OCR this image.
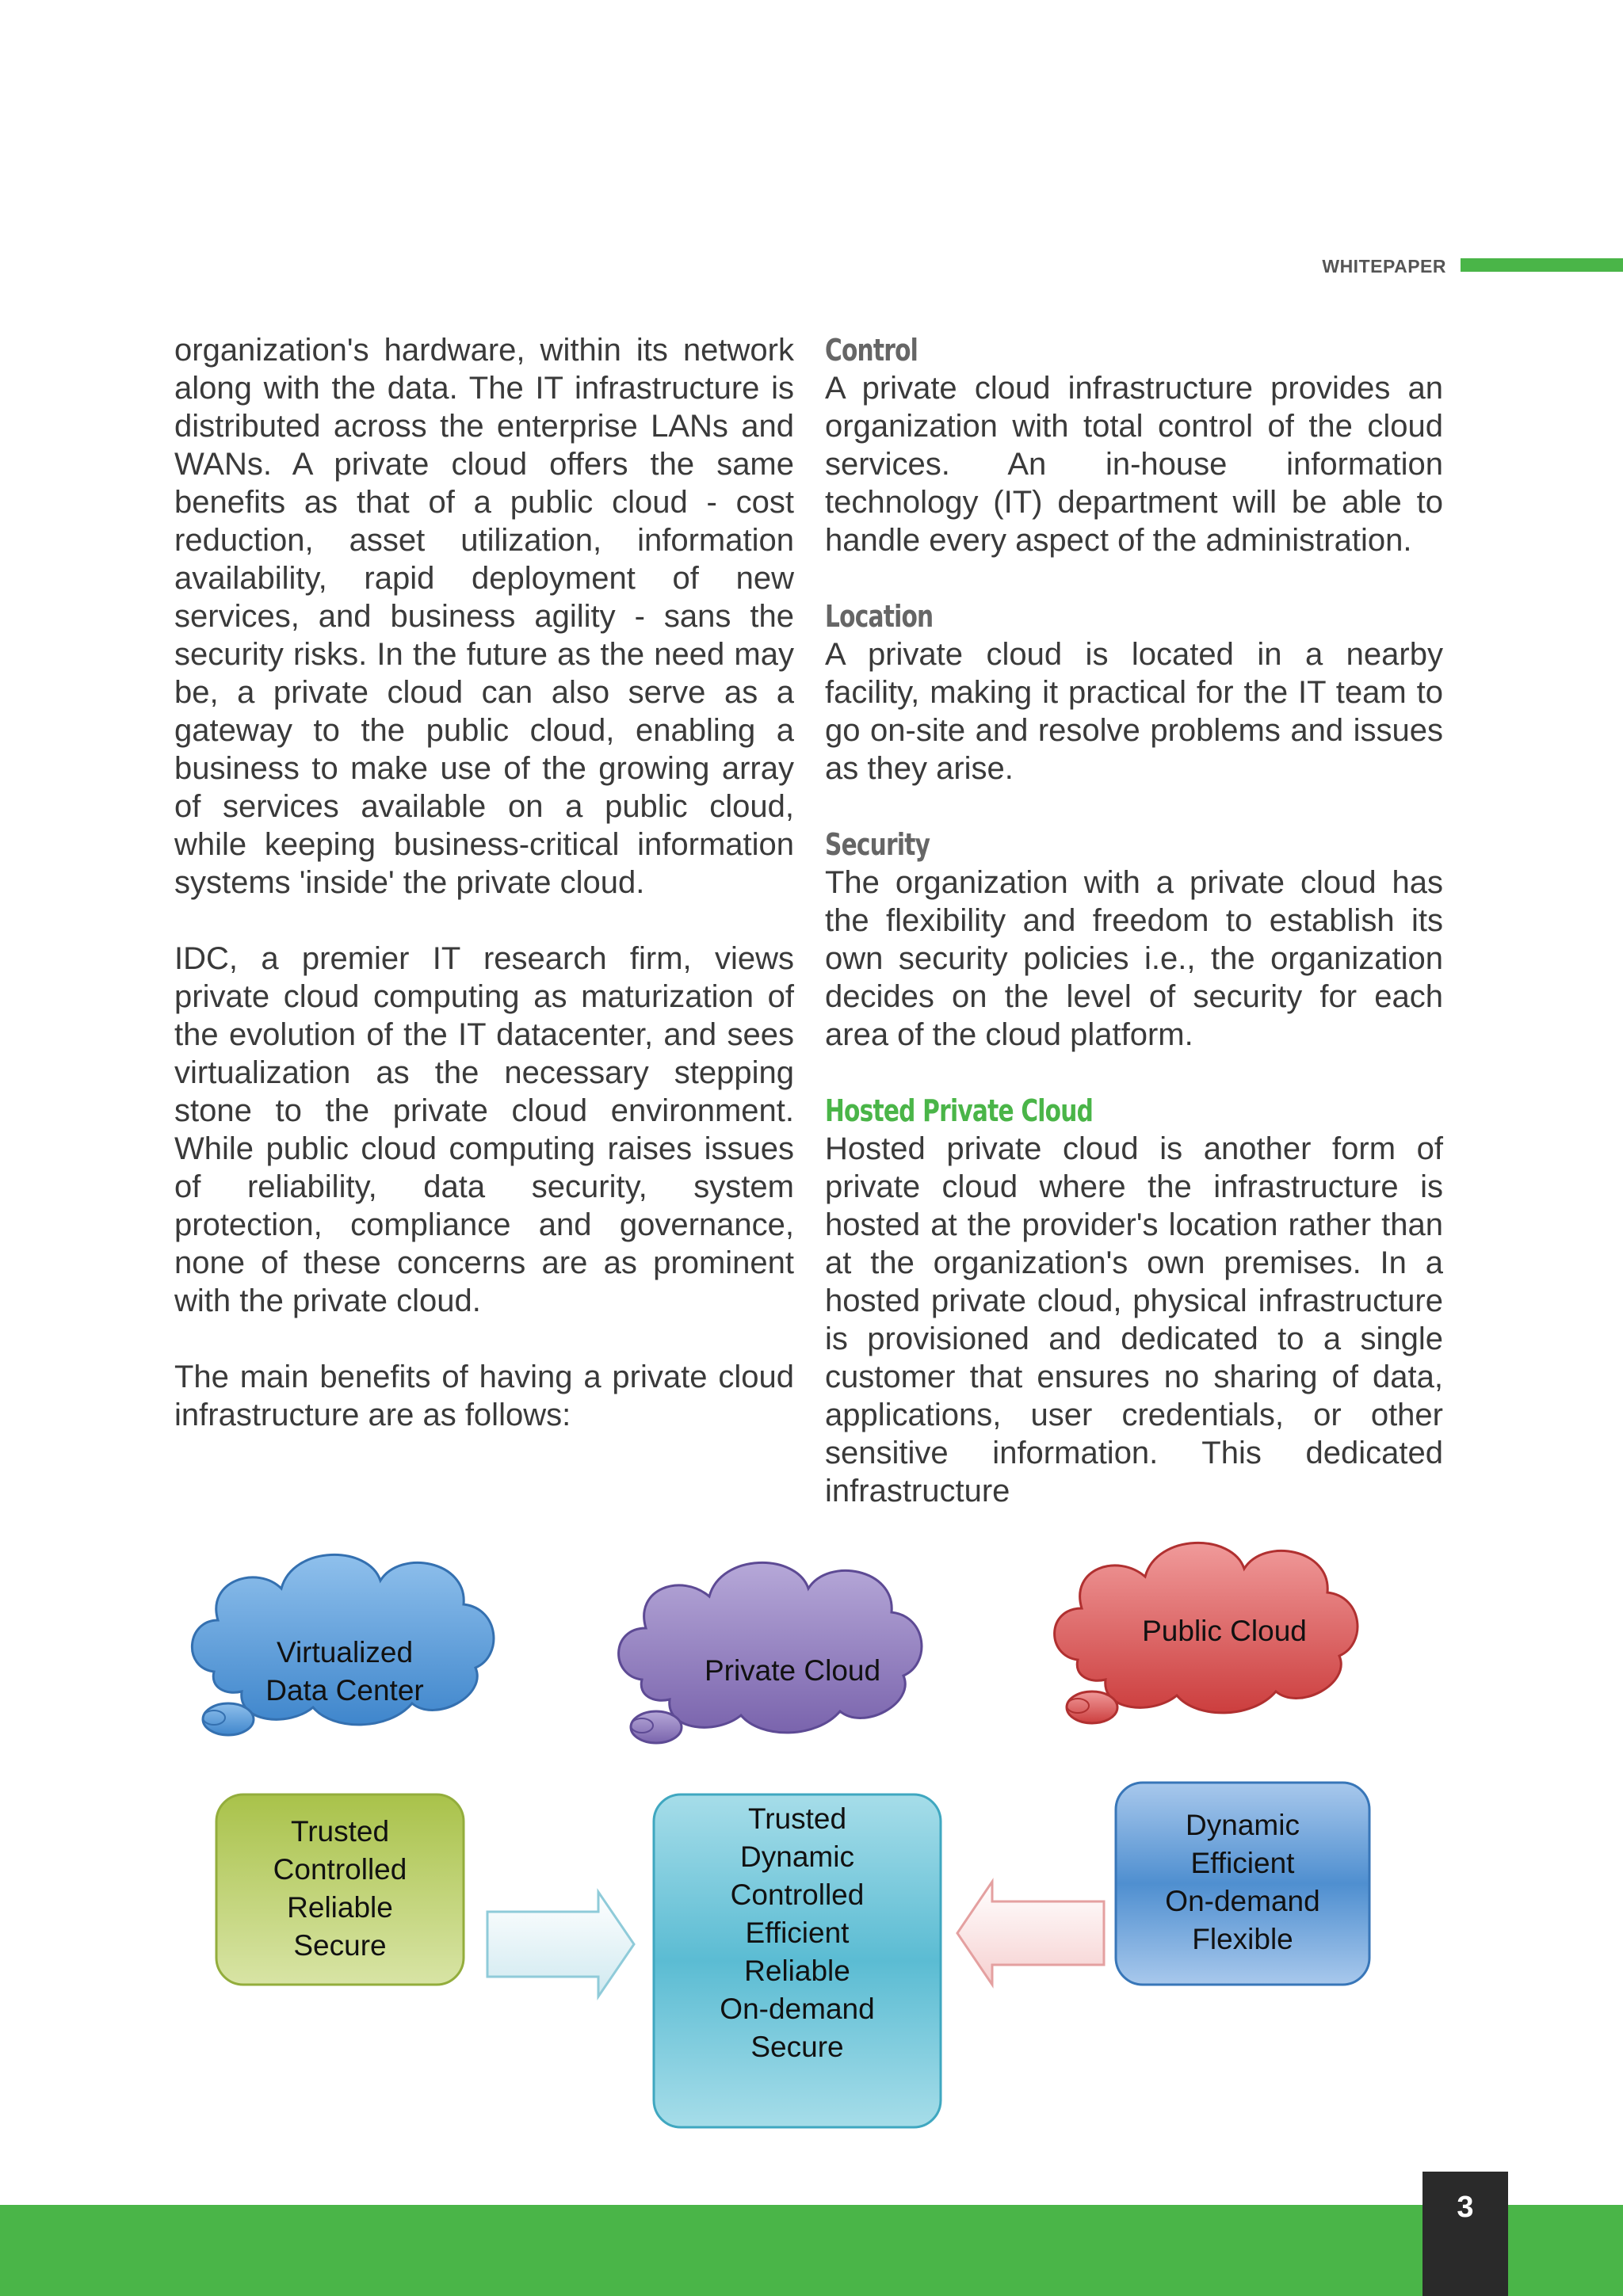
WHITEPAPER

organization's hardware, within its network along with the data. The IT infrastructure is distributed across the enterprise LANs and WANs. A private cloud offers the same benefits as that of a public cloud - cost reduction, asset utilization, information availability, rapid deployment of new services, and business agility - sans the security risks. In the future as the need may be, a private cloud can also serve as a gateway to the public cloud, enabling a business to make use of the growing array of services available on a public cloud, while keeping business-critical information systems 'inside' the private cloud.

IDC, a premier IT research firm, views private cloud computing as maturization of the evolution of the IT datacenter, and sees virtualization as the necessary stepping stone to the private cloud environment. While public cloud computing raises issues of reliability, data security, system protection, compliance and governance, none of these concerns are as prominent with the private cloud.

The main benefits of having a private cloud infrastructure are as follows:

Control

A private cloud infrastructure provides an organization with total control of the cloud services. An in-house information technology (IT) department will be able to handle every aspect of the administration.

Location

A private cloud is located in a nearby facility, making it practical for the IT team to go on-site and resolve problems and issues as they arise.

Security

The organization with a private cloud has the flexibility and freedom to establish its own security policies i.e., the organization decides on the level of security for each area of the cloud platform.

Hosted Private Cloud

Hosted private cloud is another form of private cloud where the infrastructure is hosted at the provider's location rather than at the organization's own premises. In a hosted private cloud, physical infrastructure is provisioned and dedicated to a single customer that ensures no sharing of data, applications, user credentials, or other sensitive information. This dedicated infrastructure

Virtualized
Data Center
Private Cloud
Public Cloud
Trusted
Controlled
Reliable
Secure
Trusted
Dynamic
Controlled
Efficient
Reliable
On-demand
Secure
Dynamic
Efficient
On-demand
Flexible
3
